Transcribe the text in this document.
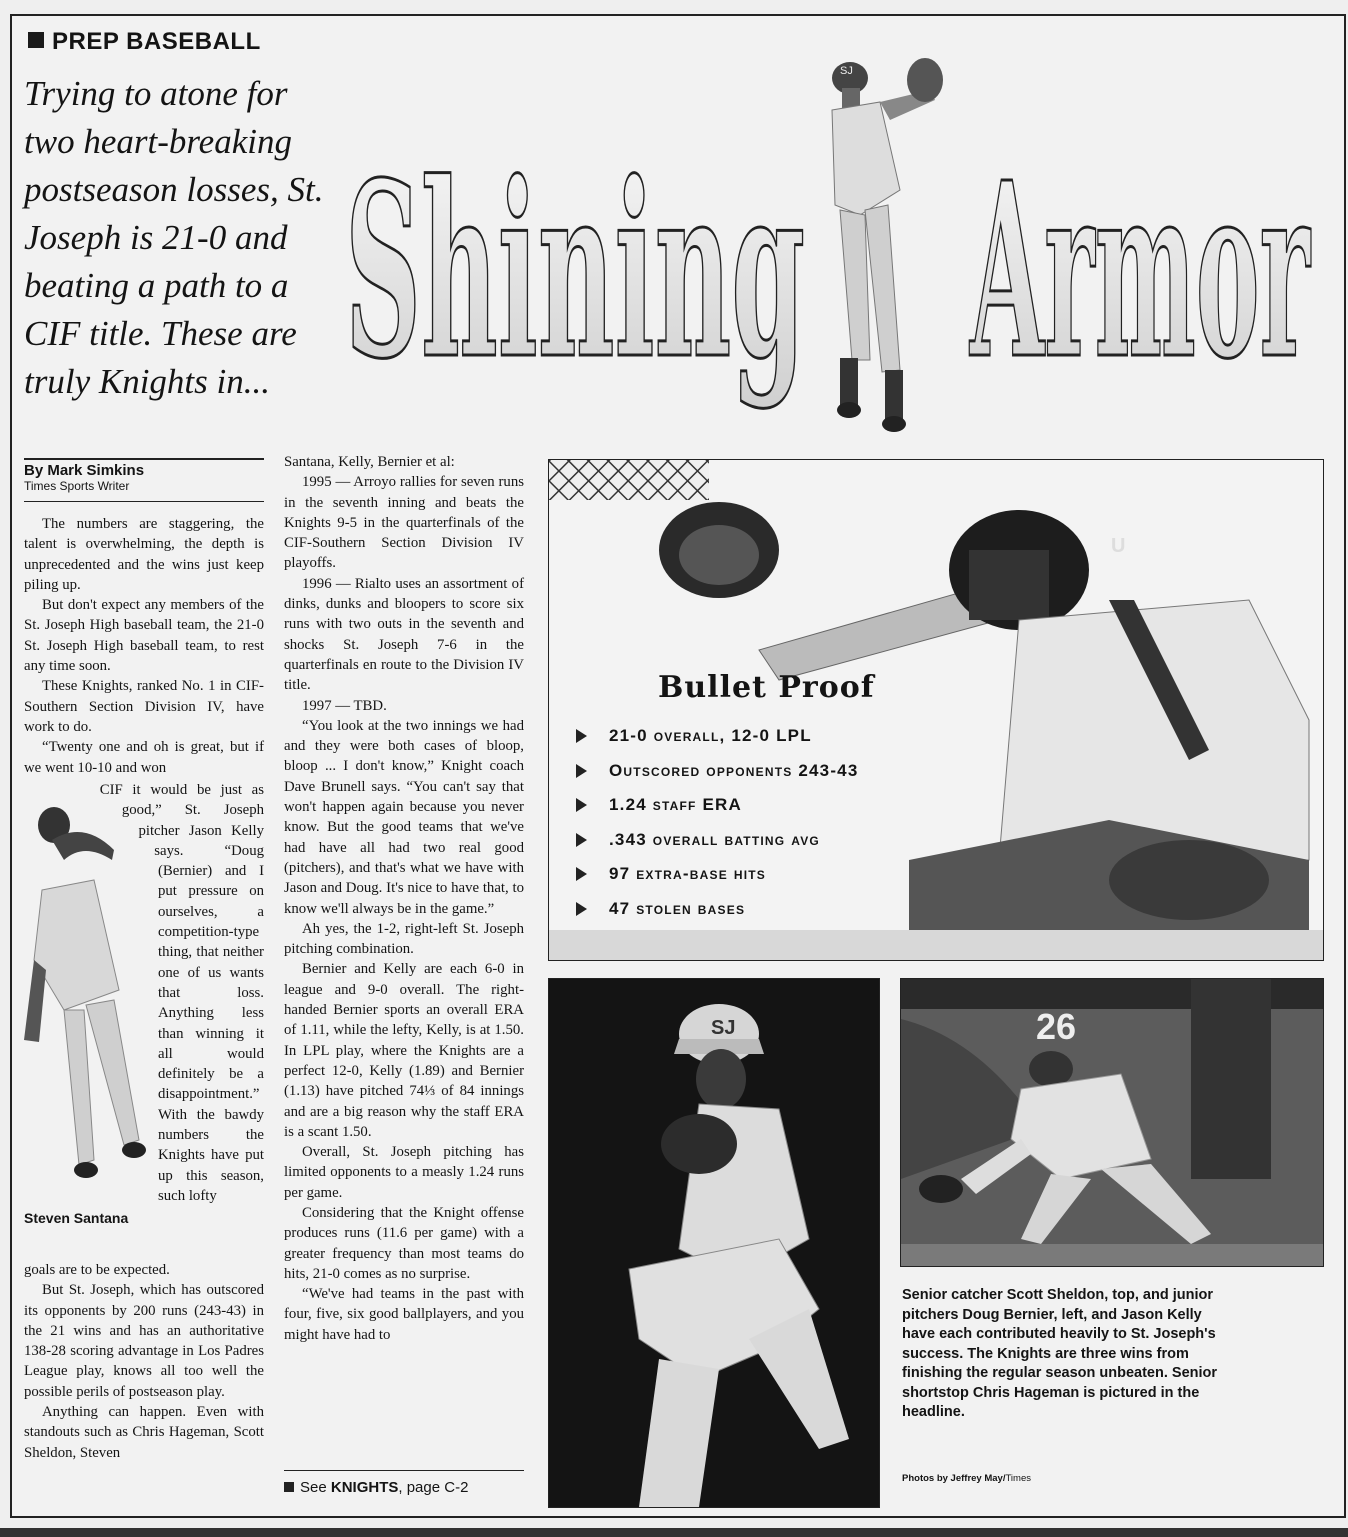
PREP BASEBALL

Trying to atone for two heart-breaking postseason losses, St. Joseph is 21-0 and beating a path to a CIF title. These are truly Knights in... Shining Armor
SJ
By Mark Simkins
Times Sports Writer

The numbers are staggering, the talent is overwhelming, the depth is unprecedented and the wins just keep piling up.

But don't expect any members of the St. Joseph High baseball team, the 21-0 St. Joseph High baseball team, to rest any time soon.

These Knights, ranked No. 1 in CIF-Southern Section Division IV, have work to do.

“Twenty one and oh is great, but if we went 10-10 and won

CIF it would be just as good,” St. Joseph pitcher Jason Kelly says. “Doug (Bernier) and I put pressure on ourselves, a competition-type thing, that neither one of us wants that loss. Anything less than winning it all would definitely be a disappointment.” With the bawdy numbers the Knights have put up this season, such lofty
Steven Santana

goals are to be expected.

But St. Joseph, which has outscored its opponents by 200 runs (243-43) in the 21 wins and has an authoritative 138-28 scoring advantage in Los Padres League play, knows all too well the possible perils of postseason play.

Anything can happen. Even with standouts such as Chris Hageman, Scott Sheldon, Steven

Santana, Kelly, Bernier et al:

1995 — Arroyo rallies for seven runs in the seventh inning and beats the Knights 9-5 in the quarterfinals of the CIF-Southern Section Division IV playoffs.

1996 — Rialto uses an assortment of dinks, dunks and bloopers to score six runs with two outs in the seventh and shocks St. Joseph 7-6 in the quarterfinals en route to the Division IV title.

1997 — TBD.

“You look at the two innings we had and they were both cases of bloop, bloop ... I don't know,” Knight coach Dave Brunell says. “You can't say that won't happen again because you never know. But the good teams that we've had have all had two real good (pitchers), and that's what we have with Jason and Doug. It's nice to have that, to know we'll always be in the game.”

Ah yes, the 1-2, right-left St. Joseph pitching combination.

Bernier and Kelly are each 6-0 in league and 9-0 overall. The right-handed Bernier sports an overall ERA of 1.11, while the lefty, Kelly, is at 1.50. In LPL play, where the Knights are a perfect 12-0, Kelly (1.89) and Bernier (1.13) have pitched 74⅓ of 84 innings and are a big reason why the staff ERA is a scant 1.50.

Overall, St. Joseph pitching has limited opponents to a measly 1.24 runs per game.

Considering that the Knight offense produces runs (11.6 per game) with a greater frequency than most teams do hits, 21-0 comes as no surprise.

“We've had teams in the past with four, five, six good ballplayers, and you might have had to

See KNIGHTS, page C-2
U
Bullet Proof
21-0 overall, 12-0 LPL
Outscored opponents 243-43
1.24 staff ERA
.343 overall batting avg
97 extra-base hits
47 stolen bases
SJ	26

Senior catcher Scott Sheldon, top, and junior pitchers Doug Bernier, left, and Jason Kelly have each contributed heavily to St. Joseph's success. The Knights are three wins from finishing the regular season unbeaten. Senior shortstop Chris Hageman is pictured in the headline.

Photos by Jeffrey May/Times
